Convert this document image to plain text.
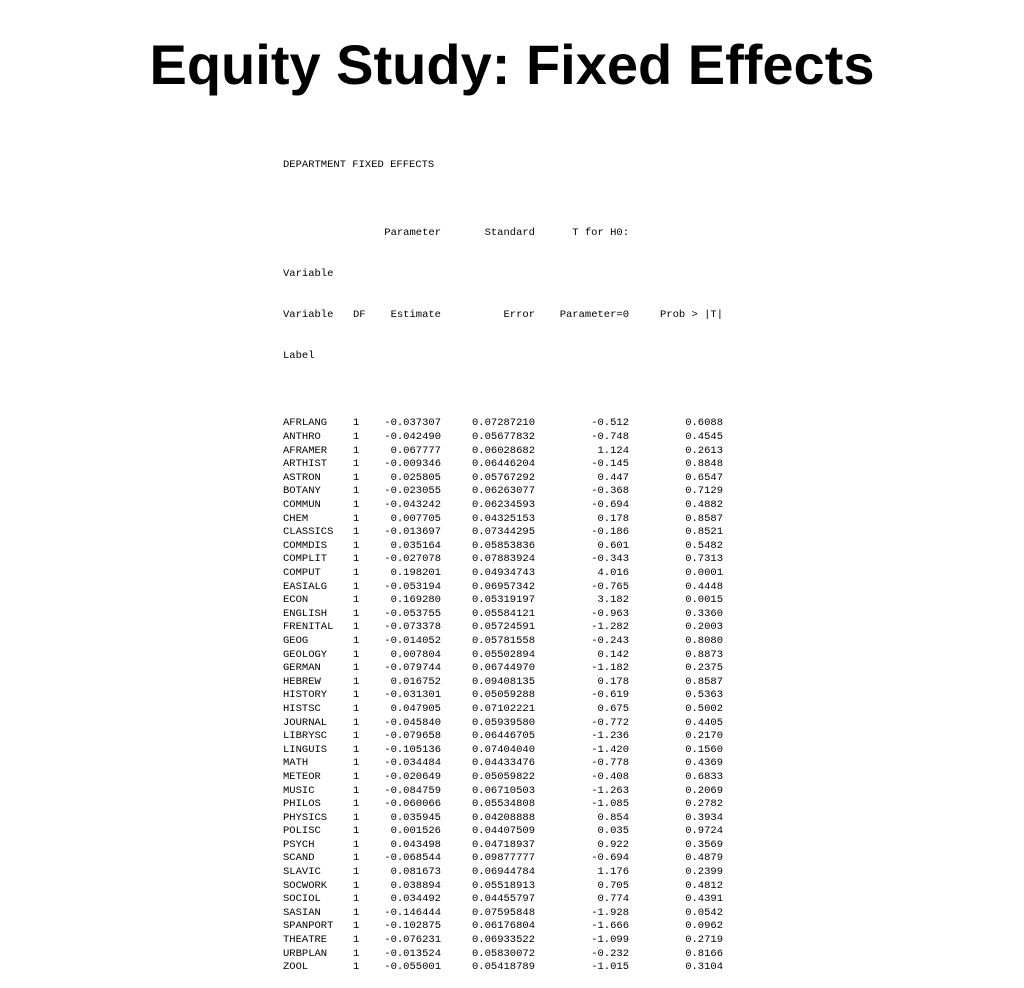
Equity Study: Fixed Effects

DEPARTMENT FIXED EFFECTS

Parameter	Standard	T for H0:

Variable

Variable DF Estimate	Error Parameter=0	Prob > |T|

Label

AFRLANG 1 -0.037307	0.07287210	-0.512	0.6088
ANTHRO	1 -0.042490	0.05677832	-0.748	0.4545
AFRAMER 1	0.067777	0.06028682	1.124	0.2613
ARTHIST 1 -0.009346	0.06446204	-0.145	0.8848
ASTRON	1	0.025805	0.05767292	0.447	0.6547
BOTANY	1 -0.023055	0.06263077	-0.368	0.7129
COMMUN	1 -0.043242	0.06234593	-0.694	0.4882
CHEM	1	0.007705	0.04325153	0.178	0.8587
CLASSICS 1 -0.013697	0.07344295	-0.186	0.8521
COMMDIS 1	0.035164	0.05853836	0.601	0.5482
COMPLIT 1 -0.027078	0.07883924	-0.343	0.7313
COMPUT	1	0.198201	0.04934743	4.016	0.0001
EASIALG 1 -0.053194	0.06957342	-0.765	0.4448
ECON	1	0.169280	0.05319197	3.182	0.0015
ENGLISH 1 -0.053755	0.05584121	-0.963	0.3360
FRENITAL 1 -0.073378	0.05724591	-1.282	0.2003
GEOG	1 -0.014052	0.05781558	-0.243	0.8080
GEOLOGY 1	0.007804	0.05502894	0.142	0.8873
GERMAN	1 -0.079744	0.06744970	-1.182	0.2375
HEBREW	1	0.016752	0.09408135	0.178	0.8587
HISTORY 1 -0.031301	0.05059288	-0.619	0.5363
HISTSC	1	0.047905	0.07102221	0.675	0.5002
JOURNAL 1 -0.045840	0.05939580	-0.772	0.4405
LIBRYSC 1 -0.079658	0.06446705	-1.236	0.2170
LINGUIS 1 -0.105136	0.07404040	-1.420	0.1560
MATH	1 -0.034484	0.04433476	-0.778	0.4369
METEOR	1 -0.020649	0.05059822	-0.408	0.6833
MUSIC	1 -0.084759	0.06710503	-1.263	0.2069
PHILOS	1 -0.060066	0.05534808	-1.085	0.2782
PHYSICS 1	0.035945	0.04208888	0.854	0.3934
POLISC	1	0.001526	0.04407509	0.035	0.9724
PSYCH	1	0.043498	0.04718937	0.922	0.3569
SCAND	1 -0.068544	0.09877777	-0.694	0.4879
SLAVIC	1	0.081673	0.06944784	1.176	0.2399
SOCWORK 1	0.038894	0.05518913	0.705	0.4812
SOCIOL	1	0.034492	0.04455797	0.774	0.4391
SASIAN	1 -0.146444	0.07595848	-1.928	0.0542
SPANPORT 1 -0.102875	0.06176804	-1.666	0.0962
THEATRE 1 -0.076231	0.06933522	-1.099	0.2719
URBPLAN 1 -0.013524	0.05830072	-0.232	0.8166
ZOOL	1 -0.055001	0.05418789	-1.015	0.3104
